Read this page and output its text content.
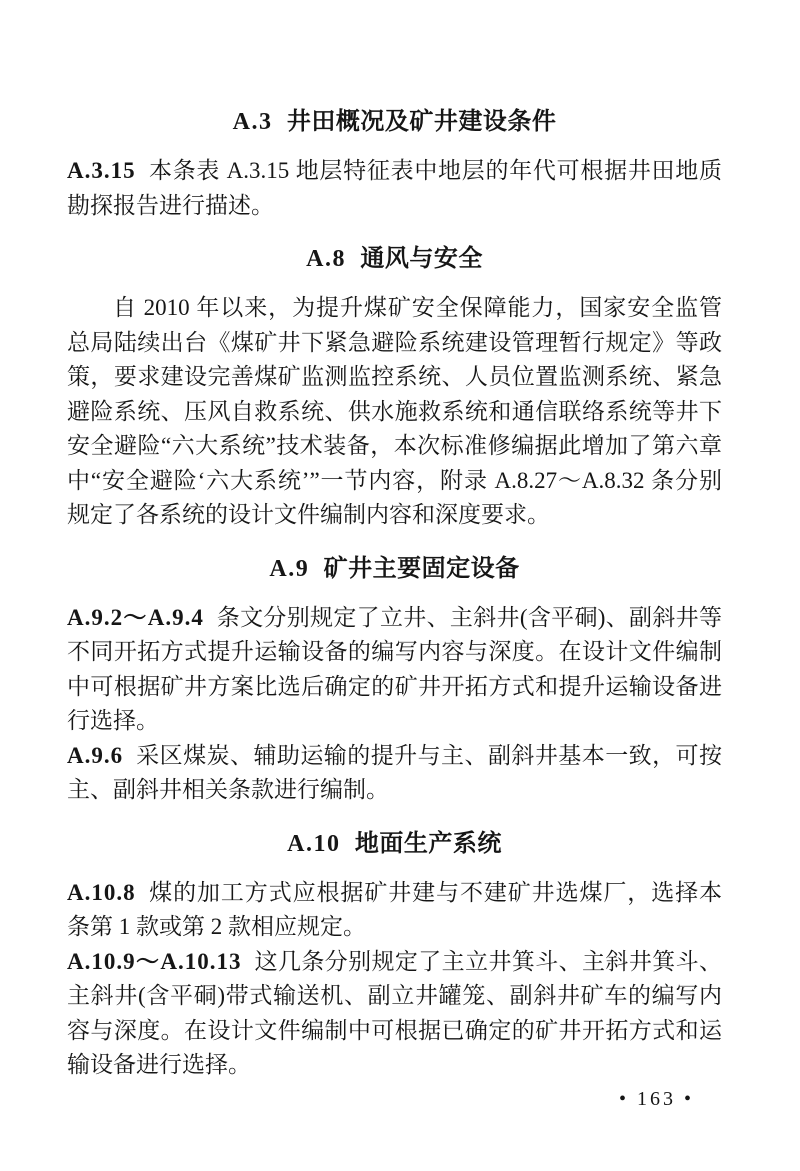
A.3 井田概况及矿井建设条件

A.3.15 本条表 A.3.15 地层特征表中地层的年代可根据井田地质勘探报告进行描述。

A.8 通风与安全

自 2010 年以来，为提升煤矿安全保障能力，国家安全监管总局陆续出台《煤矿井下紧急避险系统建设管理暂行规定》等政策，要求建设完善煤矿监测监控系统、人员位置监测系统、紧急避险系统、压风自救系统、供水施救系统和通信联络系统等井下安全避险“六大系统”技术装备，本次标准修编据此增加了第六章中“安全避险‘六大系统’”一节内容，附录 A.8.27～A.8.32 条分别规定了各系统的设计文件编制内容和深度要求。

A.9 矿井主要固定设备

A.9.2～A.9.4 条文分别规定了立井、主斜井(含平硐)、副斜井等不同开拓方式提升运输设备的编写内容与深度。在设计文件编制中可根据矿井方案比选后确定的矿井开拓方式和提升运输设备进行选择。

A.9.6 采区煤炭、辅助运输的提升与主、副斜井基本一致，可按主、副斜井相关条款进行编制。

A.10 地面生产系统

A.10.8 煤的加工方式应根据矿井建与不建矿井选煤厂，选择本条第 1 款或第 2 款相应规定。

A.10.9～A.10.13 这几条分别规定了主立井箕斗、主斜井箕斗、主斜井(含平硐)带式输送机、副立井罐笼、副斜井矿车的编写内容与深度。在设计文件编制中可根据已确定的矿井开拓方式和运输设备进行选择。

• 163 •
